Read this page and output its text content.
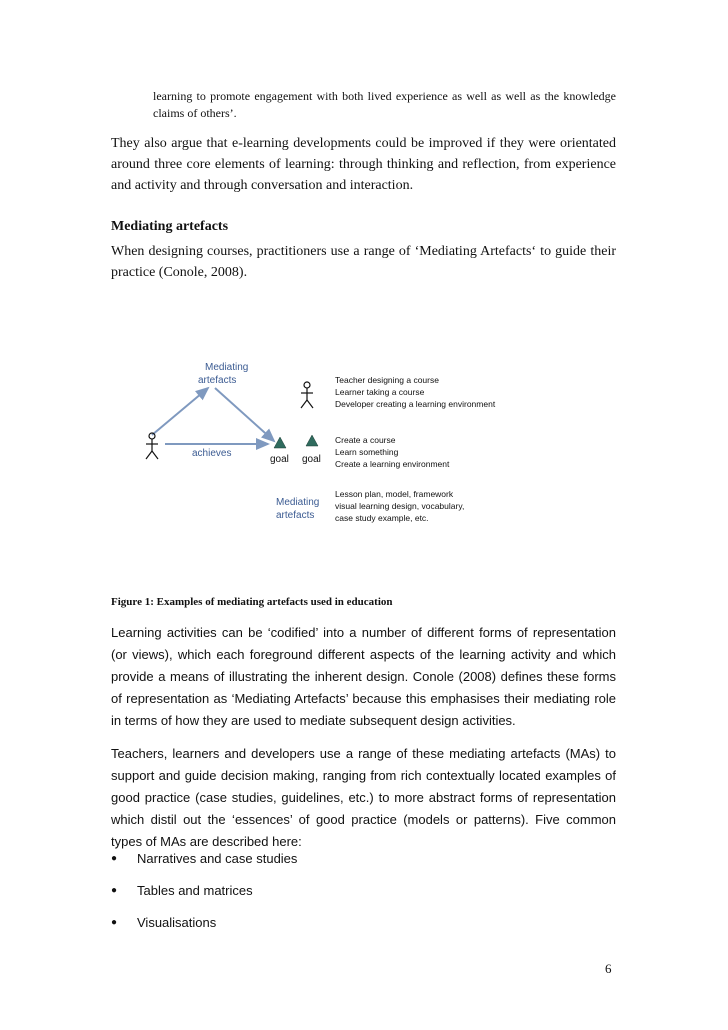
learning to promote engagement with both lived experience as well as well as the knowledge claims of others’.
They also argue that e-learning developments could be improved if they were orientated around three core elements of learning: through thinking and reflection, from experience and activity and through conversation and interaction.
Mediating artefacts
When designing courses, practitioners use a range of ‘Mediating Artefacts‘ to guide their practice (Conole, 2008).
Mediating
artefacts
achieves
goal goal
Teacher designing a course
Learner taking a course
Developer creating a learning environment
Create a course
Learn something
Create a learning environment
Mediating
artefacts
Lesson plan, model, framework
visual learning design, vocabulary,
case study example, etc.
Figure 1: Examples of mediating artefacts used in education
Learning activities can be ‘codified’ into a number of different forms of representation (or views), which each foreground different aspects of the learning activity and which provide a means of illustrating the inherent design. Conole (2008) defines these forms of representation as ‘Mediating Artefacts’ because this emphasises their mediating role in terms of how they are used to mediate subsequent design activities.
Teachers, learners and developers use a range of these mediating artefacts (MAs) to support and guide decision making, ranging from rich contextually located examples of good practice (case studies, guidelines, etc.) to more abstract forms of representation which distil out the ‘essences’ of good practice (models or patterns). Five common types of MAs are described here:
● Narratives and case studies
● Tables and matrices
● Visualisations
6
